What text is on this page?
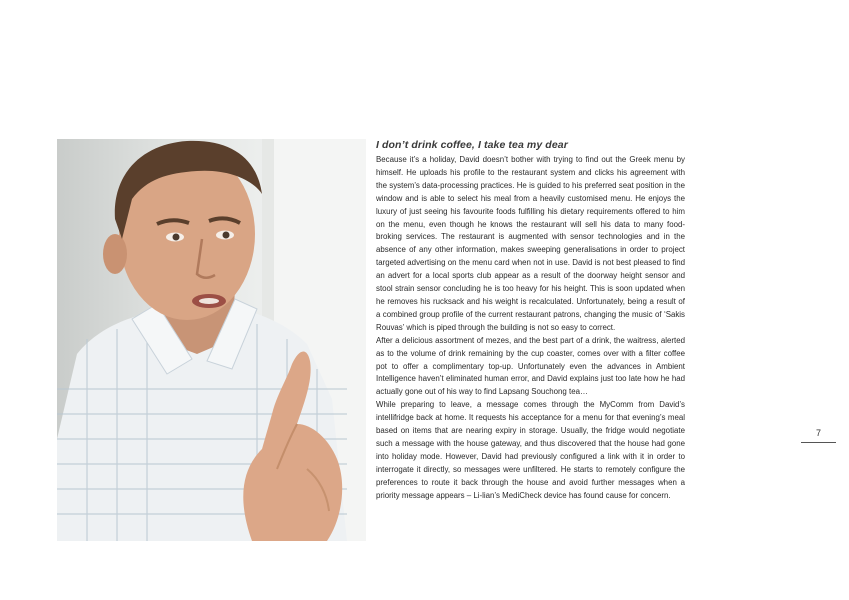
I don’t drink coffee, I take tea my dear

Because it’s a holiday, David doesn’t bother with trying to find out the Greek menu by himself. He uploads his profile to the restaurant system and clicks his agreement with the system’s data-processing practices. He is guided to his preferred seat position in the window and is able to select his meal from a heavily customised menu. He enjoys the luxury of just seeing his favourite foods fulfilling his dietary requirements offered to him on the menu, even though he knows the restaurant will sell his data to many food-broking services. The restaurant is augmented with sensor technologies and in the absence of any other information, makes sweeping generalisations in order to project targeted advertising on the menu card when not in use. David is not best pleased to find an advert for a local sports club appear as a result of the doorway height sensor and stool strain sensor concluding he is too heavy for his height. This is soon updated when he removes his rucksack and his weight is recalculated. Unfortunately, being a result of a combined group profile of the current restaurant patrons, changing the music of ‘Sakis Rouvas’ which is piped through the building is not so easy to correct.

After a delicious assortment of mezes, and the best part of a drink, the waitress, alerted as to the volume of drink remaining by the cup coaster, comes over with a filter coffee pot to offer a complimentary top-up. Unfortunately even the advances in Ambient Intelligence haven’t eliminated human error, and David explains just too late how he had actually gone out of his way to find Lapsang Souchong tea…

While preparing to leave, a message comes through the MyComm from David’s intellifridge back at home. It requests his acceptance for a menu for that evening’s meal based on items that are nearing expiry in storage. Usually, the fridge would negotiate such a message with the house gateway, and thus discovered that the house had gone into holiday mode. However, David had previously configured a link with it in order to interrogate it directly, so messages were unfiltered. He starts to remotely configure the preferences to route it back through the house and avoid further messages when a priority message appears – Li-lian’s MediCheck device has found cause for concern.

7
